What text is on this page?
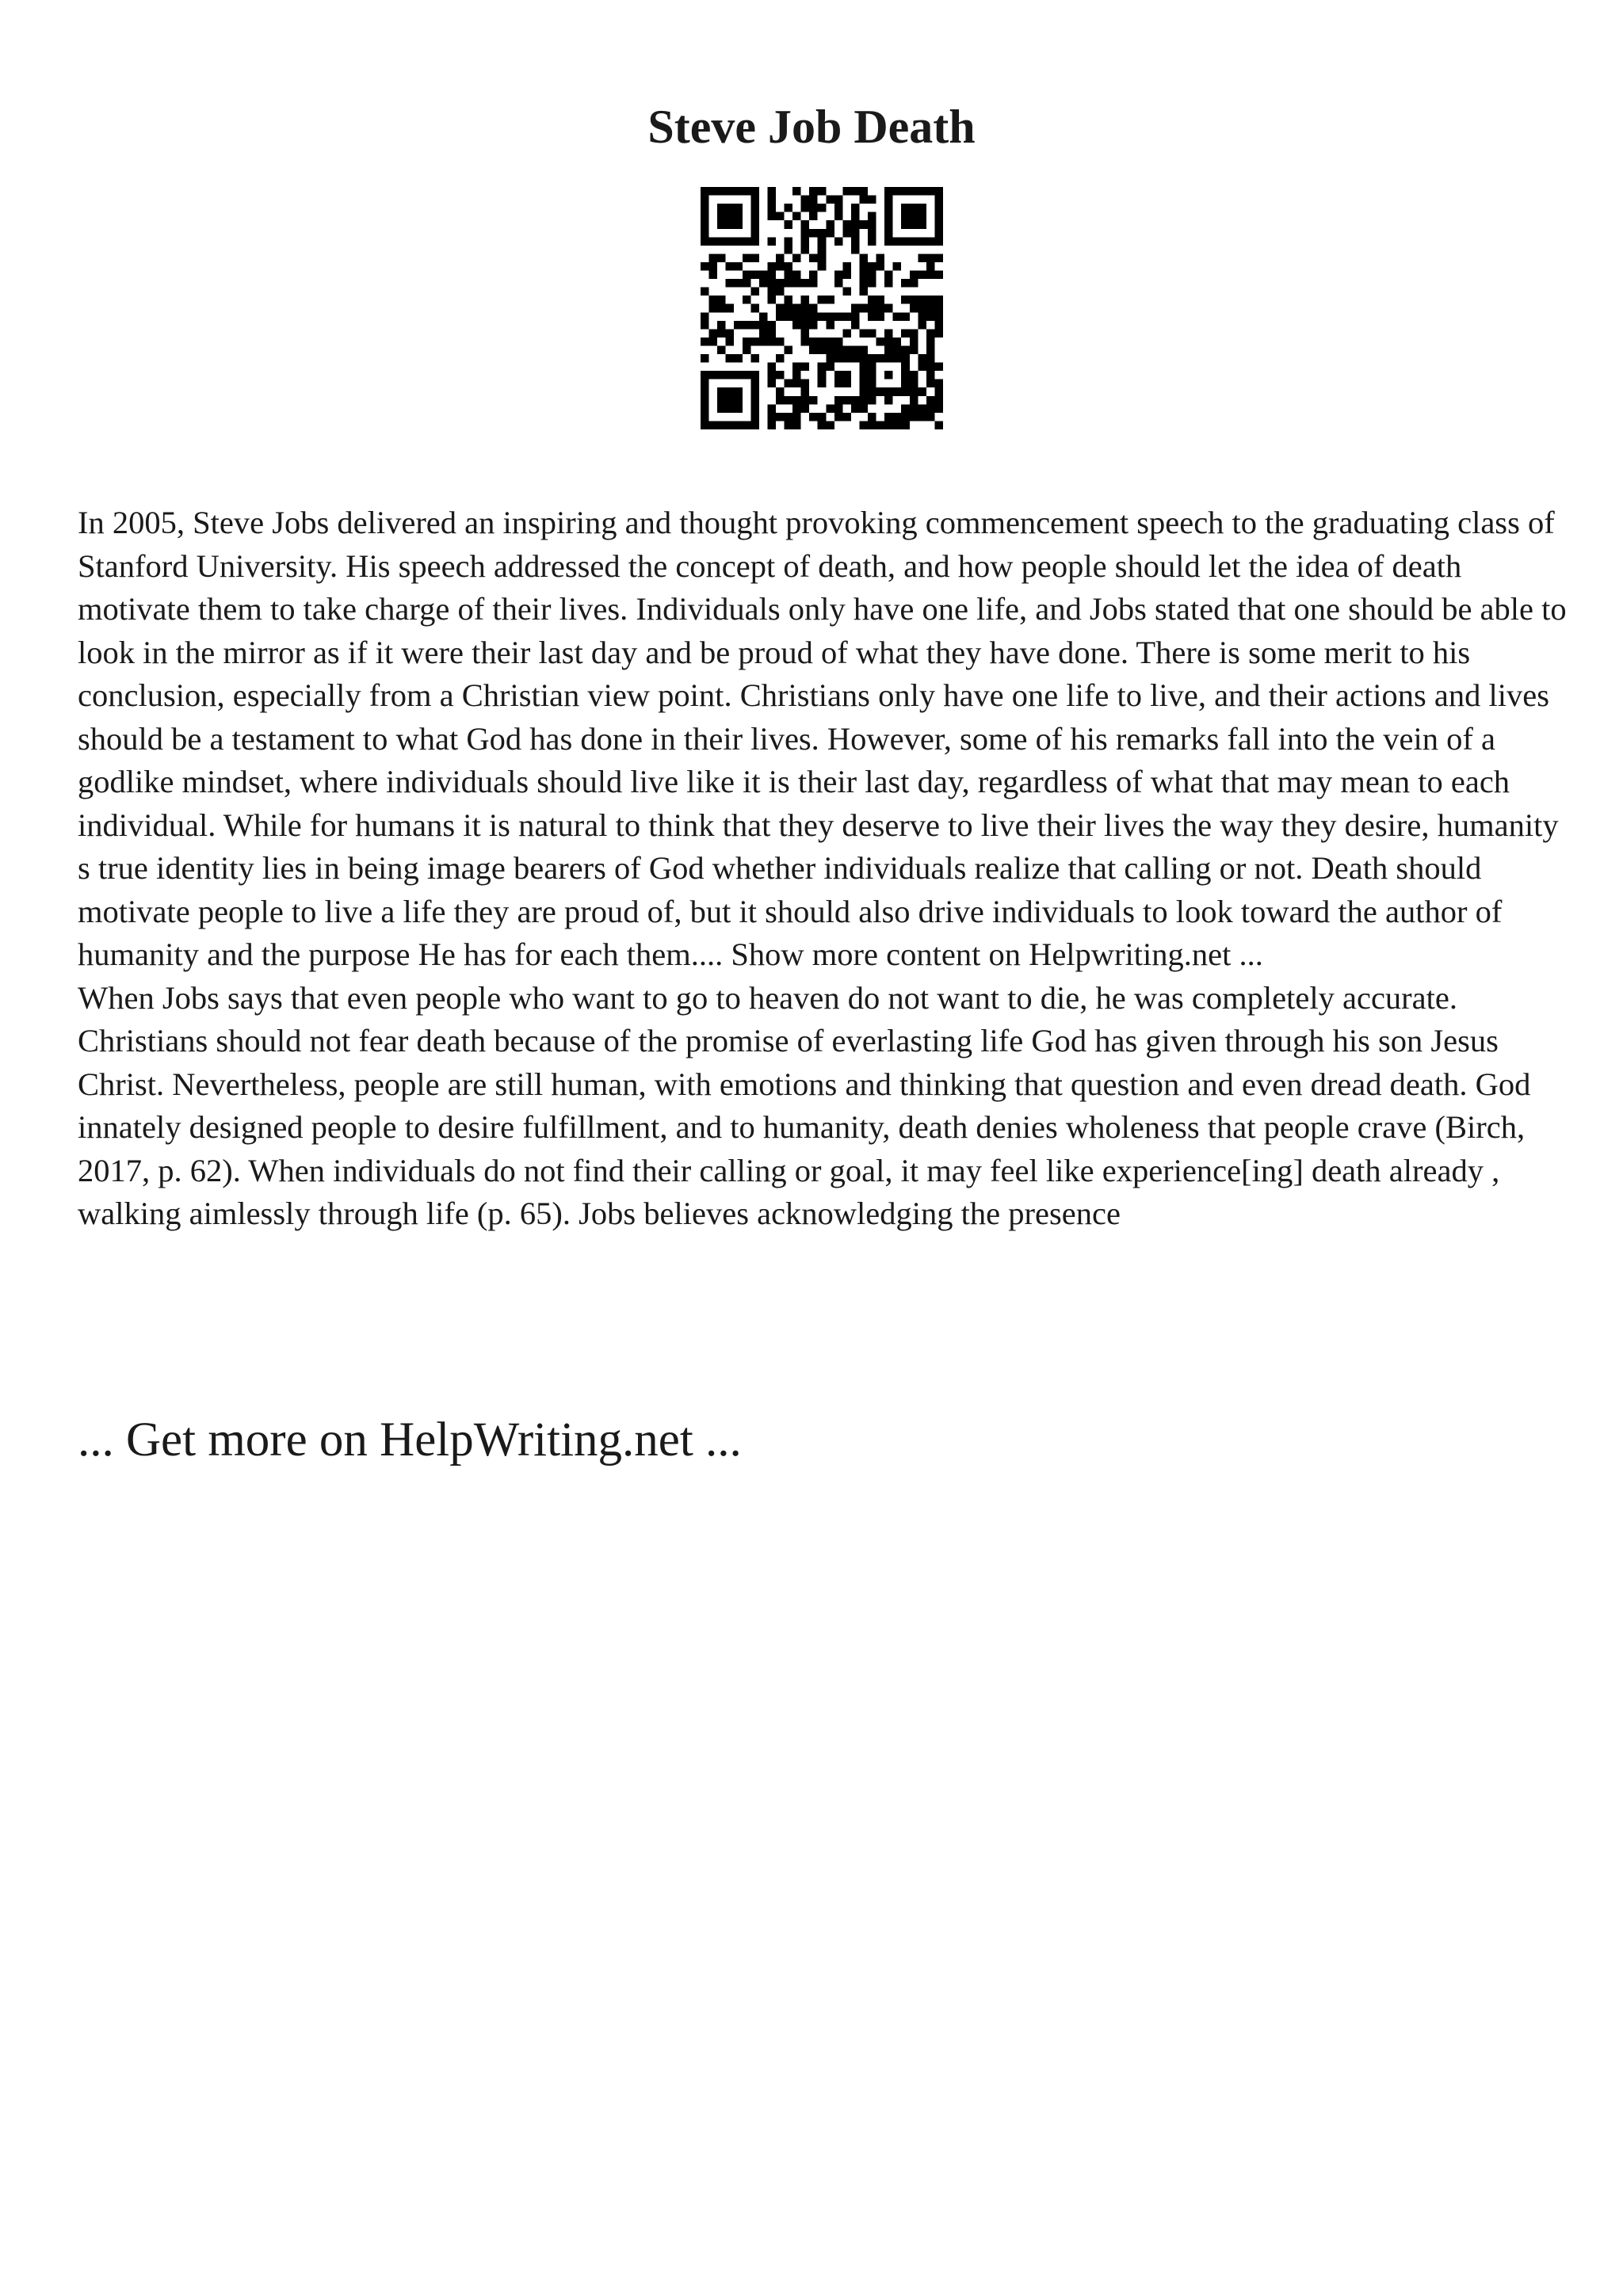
Steve Job Death

In 2005, Steve Jobs delivered an inspiring and thought provoking commencement speech to the graduating class of Stanford University. His speech addressed the concept of death, and how people should let the idea of death motivate them to take charge of their lives. Individuals only have one life, and Jobs stated that one should be able to look in the mirror as if it were their last day and be proud of what they have done. There is some merit to his conclusion, especially from a Christian view point. Christians only have one life to live, and their actions and lives should be a testament to what God has done in their lives. However, some of his remarks fall into the vein of a godlike mindset, where individuals should live like it is their last day, regardless of what that may mean to each individual. While for humans it is natural to think that they deserve to live their lives the way they desire, humanity s true identity lies in being image bearers of God whether individuals realize that calling or not. Death should motivate people to live a life they are proud of, but it should also drive individuals to look toward the author of humanity and the purpose He has for each them.... Show more content on Helpwriting.net ...

When Jobs says that even people who want to go to heaven do not want to die, he was completely accurate. Christians should not fear death because of the promise of everlasting life God has given through his son Jesus Christ. Nevertheless, people are still human, with emotions and thinking that question and even dread death. God innately designed people to desire fulfillment, and to humanity, death denies wholeness that people crave (Birch, 2017, p. 62). When individuals do not find their calling or goal, it may feel like experience[ing] death already , walking aimlessly through life (p. 65). Jobs believes acknowledging the presence

... Get more on HelpWriting.net ...
